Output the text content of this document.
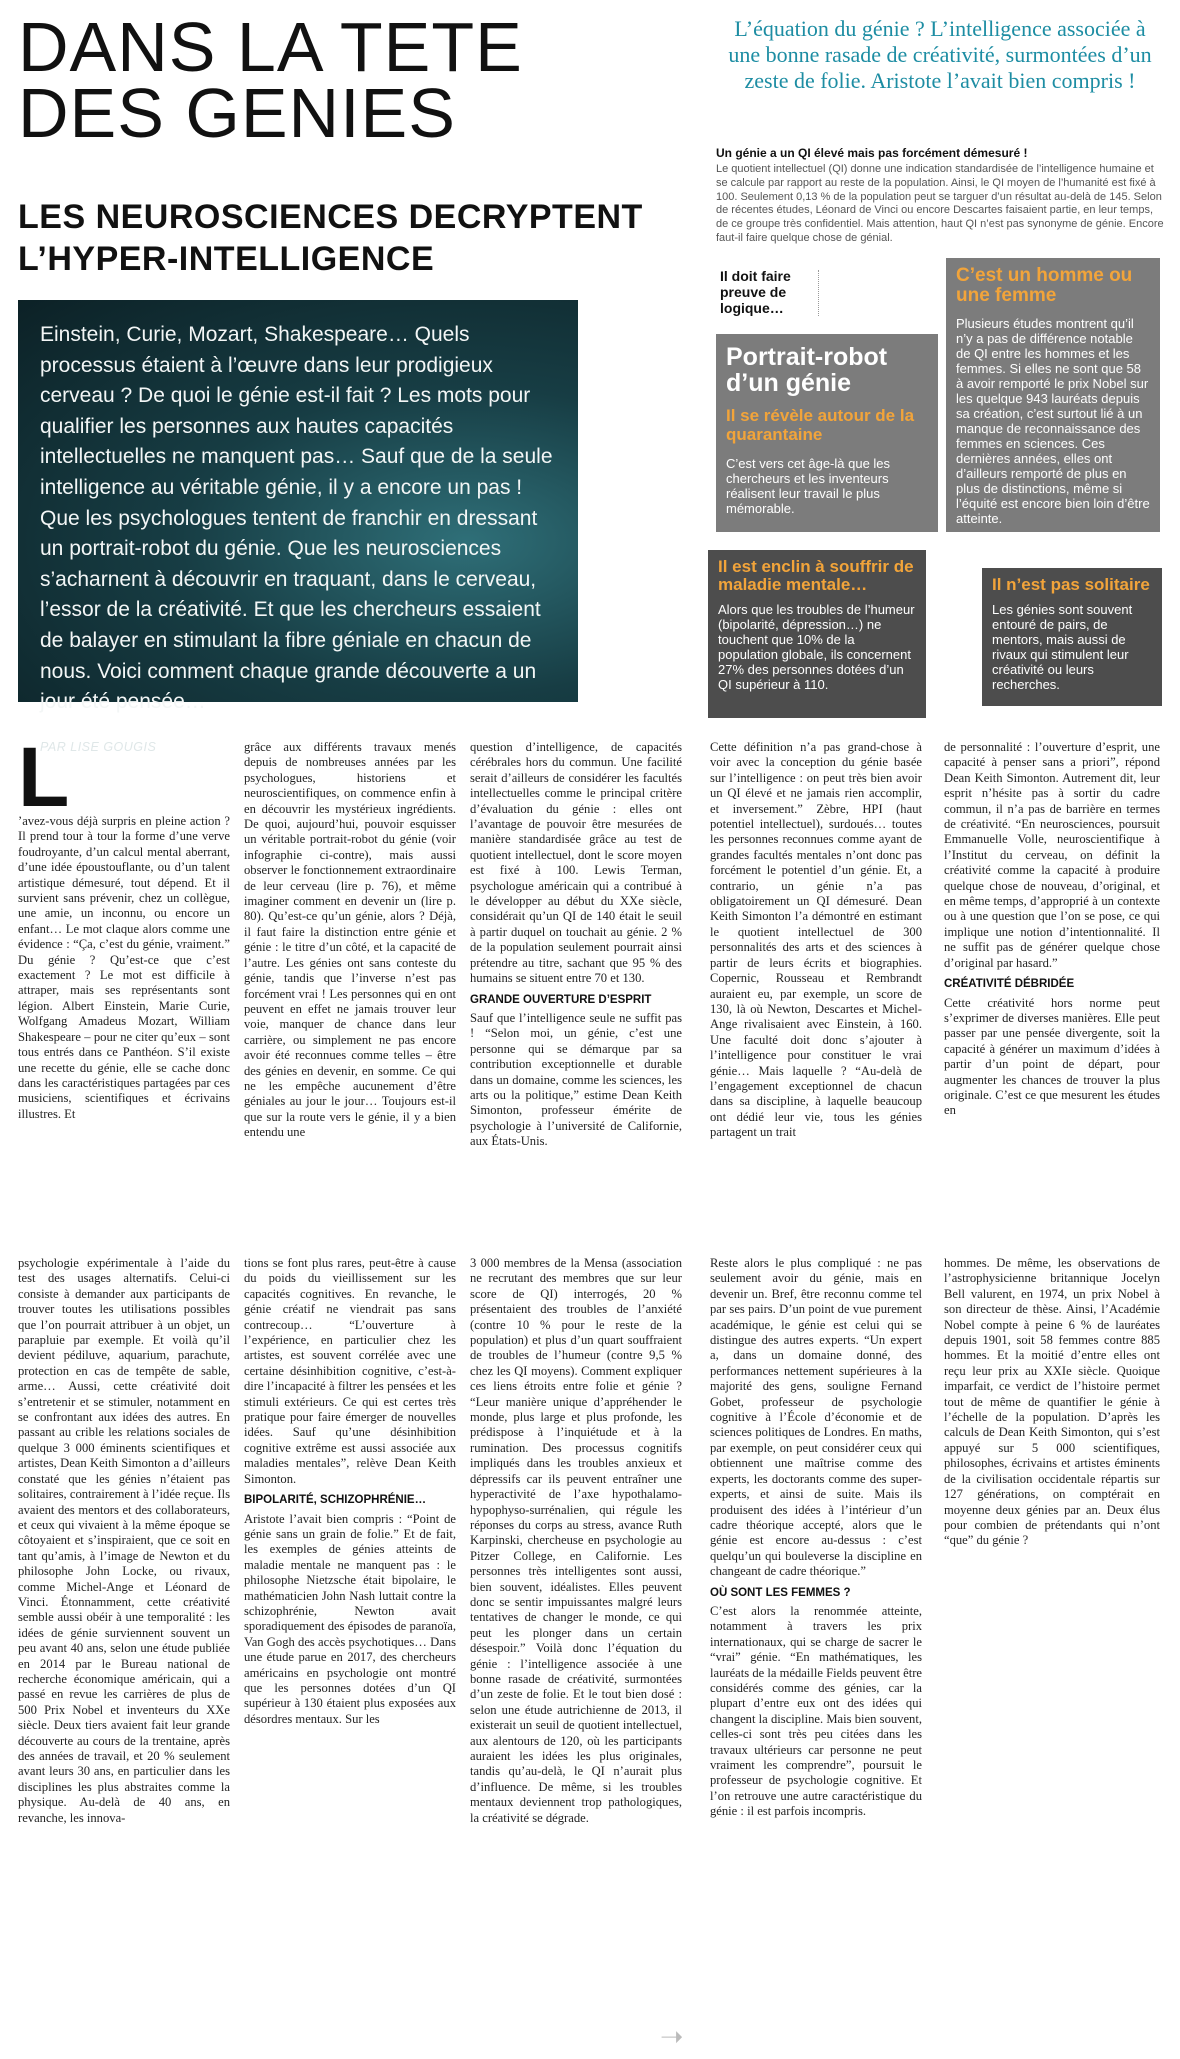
DANS LA TETE
DES GENIES
LES NEUROSCIENCES DECRYPTENT
L’HYPER-INTELLIGENCE
Einstein, Curie, Mozart, Shakespeare… Quels processus étaient à l’œuvre dans leur prodigieux cerveau ? De quoi le génie est-il fait ? Les mots pour qualifier les personnes aux hautes capacités intellectuelles ne manquent pas… Sauf que de la seule intelligence au véritable génie, il y a encore un pas ! Que les psychologues tentent de franchir en dressant un portrait-robot du génie. Que les neurosciences s’acharnent à découvrir en traquant, dans le cerveau, l’essor de la créativité. Et que les chercheurs essaient de balayer en stimulant la fibre géniale en chacun de nous. Voici comment chaque grande découverte a un jour été pensée…
PAR LISE GOUGIS
L’équation du génie ? L’intelligence associée à une bonne rasade de créativité, surmontées d’un zeste de folie. Aristote l’avait bien compris !
Un génie a un QI élevé mais pas forcément démesuré !
Le quotient intellectuel (QI) donne une indication standardisée de l’intelligence humaine et se calcule par rapport au reste de la population. Ainsi, le QI moyen de l’humanité est fixé à 100. Seulement 0,13 % de la population peut se targuer d’un résultat au-delà de 145. Selon de récentes études, Léonard de Vinci ou encore Descartes faisaient partie, en leur temps, de ce groupe très confidentiel. Mais attention, haut QI n’est pas synonyme de génie. Encore faut-il faire quelque chose de génial.
Il doit faire preuve de logique…
Portrait-robot d’un génie
Il se révèle autour de la quarantaine
C’est vers cet âge-là que les chercheurs et les inventeurs réalisent leur travail le plus mémorable.
C’est un homme ou une femme
Plusieurs études montrent qu’il n’y a pas de différence notable de QI entre les hommes et les femmes. Si elles ne sont que 58 à avoir remporté le prix Nobel sur les quelque 943 lauréats depuis sa création, c’est surtout lié à un manque de reconnaissance des femmes en sciences. Ces dernières années, elles ont d’ailleurs remporté de plus en plus de distinctions, même si l’équité est encore bien loin d’être atteinte.
Il est enclin à souffrir de maladie mentale…
Alors que les troubles de l’humeur (bipolarité, dépression…) ne touchent que 10% de la population globale, ils concernent 27% des personnes dotées d’un QI supérieur à 110.
Il n’est pas solitaire
Les génies sont souvent entouré de pairs, de mentors, mais aussi de rivaux qui stimulent leur créativité ou leurs recherches.
L

’avez-vous déjà surpris en pleine action ? Il prend tour à tour la forme d’une verve foudroyante, d’un calcul mental aberrant, d’une idée époustouflante, ou d’un talent artistique démesuré, tout dépend. Et il survient sans prévenir, chez un collègue, une amie, un inconnu, ou encore un enfant… Le mot claque alors comme une évidence : “Ça, c’est du génie, vraiment.” Du génie ? Qu’est-ce que c’est exactement ? Le mot est difficile à attraper, mais ses représentants sont légion. Albert Einstein, Marie Curie, Wolfgang Amadeus Mozart, William Shakespeare – pour ne citer qu’eux – sont tous entrés dans ce Panthéon. S’il existe une recette du génie, elle se cache donc dans les caractéristiques partagées par ces musiciens, scientifiques et écrivains illustres. Et

grâce aux différents travaux menés depuis de nombreuses années par les psychologues, historiens et neuroscientifiques, on commence enfin à en découvrir les mystérieux ingrédients. De quoi, aujourd’hui, pouvoir esquisser un véritable portrait-robot du génie (voir infographie ci-contre), mais aussi observer le fonctionnement extraordinaire de leur cerveau (lire p. 76), et même imaginer comment en devenir un (lire p. 80). Qu’est-ce qu’un génie, alors ? Déjà, il faut faire la distinction entre génie et génie : le titre d’un côté, et la capacité de l’autre. Les génies ont sans conteste du génie, tandis que l’inverse n’est pas forcément vrai ! Les personnes qui en ont peuvent en effet ne jamais trouver leur voie, manquer de chance dans leur carrière, ou simplement ne pas encore avoir été reconnues comme telles – être des génies en devenir, en somme. Ce qui ne les empêche aucunement d’être géniales au jour le jour… Toujours est-il que sur la route vers le génie, il y a bien entendu une

question d’intelligence, de capacités cérébrales hors du commun. Une facilité serait d’ailleurs de considérer les facultés intellectuelles comme le principal critère d’évaluation du génie : elles ont l’avantage de pouvoir être mesurées de manière standardisée grâce au test de quotient intellectuel, dont le score moyen est fixé à 100. Lewis Terman, psychologue américain qui a contribué à le développer au début du XXe siècle, considérait qu’un QI de 140 était le seuil à partir duquel on touchait au génie. 2 % de la population seulement pourrait ainsi prétendre au titre, sachant que 95 % des humains se situent entre 70 et 130.

GRANDE OUVERTURE D’ESPRIT

Sauf que l’intelligence seule ne suffit pas ! “Selon moi, un génie, c’est une personne qui se démarque par sa contribution exceptionnelle et durable dans un domaine, comme les sciences, les arts ou la politique,” estime Dean Keith Simonton, professeur émérite de psychologie à l’université de Californie, aux États-Unis.

Cette définition n’a pas grand-chose à voir avec la conception du génie basée sur l’intelligence : on peut très bien avoir un QI élevé et ne jamais rien accomplir, et inversement.” Zèbre, HPI (haut potentiel intellectuel), surdoués… toutes les personnes reconnues comme ayant de grandes facultés mentales n’ont donc pas forcément le potentiel d’un génie. Et, a contrario, un génie n’a pas obligatoirement un QI démesuré. Dean Keith Simonton l’a démontré en estimant le quotient intellectuel de 300 personnalités des arts et des sciences à partir de leurs écrits et biographies. Copernic, Rousseau et Rembrandt auraient eu, par exemple, un score de 130, là où Newton, Descartes et Michel-Ange rivalisaient avec Einstein, à 160. Une faculté doit donc s’ajouter à l’intelligence pour constituer le vrai génie… Mais laquelle ? “Au-delà de l’engagement exceptionnel de chacun dans sa discipline, à laquelle beaucoup ont dédié leur vie, tous les génies partagent un trait

de personnalité : l’ouverture d’esprit, une capacité à penser sans a priori”, répond Dean Keith Simonton. Autrement dit, leur esprit n’hésite pas à sortir du cadre commun, il n’a pas de barrière en termes de créativité. “En neurosciences, poursuit Emmanuelle Volle, neuroscientifique à l’Institut du cerveau, on définit la créativité comme la capacité à produire quelque chose de nouveau, d’original, et en même temps, d’approprié à un contexte ou à une question que l’on se pose, ce qui implique une notion d’intentionnalité. Il ne suffit pas de générer quelque chose d’original par hasard.”

CRÉATIVITÉ DÉBRIDÉE

Cette créativité hors norme peut s’exprimer de diverses manières. Elle peut passer par une pensée divergente, soit la capacité à générer un maximum d’idées à partir d’un point de départ, pour augmenter les chances de trouver la plus originale. C’est ce que mesurent les études en

psychologie expérimentale à l’aide du test des usages alternatifs. Celui-ci consiste à demander aux participants de trouver toutes les utilisations possibles que l’on pourrait attribuer à un objet, un parapluie par exemple. Et voilà qu’il devient pédiluve, aquarium, parachute, protection en cas de tempête de sable, arme… Aussi, cette créativité doit s’entretenir et se stimuler, notamment en se confrontant aux idées des autres. En passant au crible les relations sociales de quelque 3 000 éminents scientifiques et artistes, Dean Keith Simonton a d’ailleurs constaté que les génies n’étaient pas solitaires, contrairement à l’idée reçue. Ils avaient des mentors et des collaborateurs, et ceux qui vivaient à la même époque se côtoyaient et s’inspiraient, que ce soit en tant qu’amis, à l’image de Newton et du philosophe John Locke, ou rivaux, comme Michel-Ange et Léonard de Vinci. Étonnamment, cette créativité semble aussi obéir à une temporalité : les idées de génie surviennent souvent un peu avant 40 ans, selon une étude publiée en 2014 par le Bureau national de recherche économique américain, qui a passé en revue les carrières de plus de 500 Prix Nobel et inventeurs du XXe siècle. Deux tiers avaient fait leur grande découverte au cours de la trentaine, après des années de travail, et 20 % seulement avant leurs 30 ans, en particulier dans les disciplines les plus abstraites comme la physique. Au-delà de 40 ans, en revanche, les innova-

tions se font plus rares, peut-être à cause du poids du vieillissement sur les capacités cognitives. En revanche, le génie créatif ne viendrait pas sans contrecoup… “L’ouverture à l’expérience, en particulier chez les artistes, est souvent corrélée avec une certaine désinhibition cognitive, c’est-à-dire l’incapacité à filtrer les pensées et les stimuli extérieurs. Ce qui est certes très pratique pour faire émerger de nouvelles idées. Sauf qu’une désinhibition cognitive extrême est aussi associée aux maladies mentales”, relève Dean Keith Simonton.

BIPOLARITÉ, SCHIZOPHRÉNIE…

Aristote l’avait bien compris : “Point de génie sans un grain de folie.” Et de fait, les exemples de génies atteints de maladie mentale ne manquent pas : le philosophe Nietzsche était bipolaire, le mathématicien John Nash luttait contre la schizophrénie, Newton avait sporadiquement des épisodes de paranoïa, Van Gogh des accès psychotiques… Dans une étude parue en 2017, des chercheurs américains en psychologie ont montré que les personnes dotées d’un QI supérieur à 130 étaient plus exposées aux désordres mentaux. Sur les

3 000 membres de la Mensa (association ne recrutant des membres que sur leur score de QI) interrogés, 20 % présentaient des troubles de l’anxiété (contre 10 % pour le reste de la population) et plus d’un quart souffraient de troubles de l’humeur (contre 9,5 % chez les QI moyens). Comment expliquer ces liens étroits entre folie et génie ? “Leur manière unique d’appréhender le monde, plus large et plus profonde, les prédispose à l’inquiétude et à la rumination. Des processus cognitifs impliqués dans les troubles anxieux et dépressifs car ils peuvent entraîner une hyperactivité de l’axe hypothalamo-hypophyso-surrénalien, qui régule les réponses du corps au stress, avance Ruth Karpinski, chercheuse en psychologie au Pitzer College, en Californie. Les personnes très intelligentes sont aussi, bien souvent, idéalistes. Elles peuvent donc se sentir impuissantes malgré leurs tentatives de changer le monde, ce qui peut les plonger dans un certain désespoir.” Voilà donc l’équation du génie : l’intelligence associée à une bonne rasade de créativité, surmontées d’un zeste de folie. Et le tout bien dosé : selon une étude autrichienne de 2013, il existerait un seuil de quotient intellectuel, aux alentours de 120, où les participants auraient les idées les plus originales, tandis qu’au-delà, le QI n’aurait plus d’influence. De même, si les troubles mentaux deviennent trop pathologiques, la créativité se dégrade.

Reste alors le plus compliqué : ne pas seulement avoir du génie, mais en devenir un. Bref, être reconnu comme tel par ses pairs. D’un point de vue purement académique, le génie est celui qui se distingue des autres experts. “Un expert a, dans un domaine donné, des performances nettement supérieures à la majorité des gens, souligne Fernand Gobet, professeur de psychologie cognitive à l’École d’économie et de sciences politiques de Londres. En maths, par exemple, on peut considérer ceux qui obtiennent une maîtrise comme des experts, les doctorants comme des super-experts, et ainsi de suite. Mais ils produisent des idées à l’intérieur d’un cadre théorique accepté, alors que le génie est encore au-dessus : c’est quelqu’un qui bouleverse la discipline en changeant de cadre théorique.”

OÙ SONT LES FEMMES ?

C’est alors la renommée atteinte, notamment à travers les prix internationaux, qui se charge de sacrer le “vrai” génie. “En mathématiques, les lauréats de la médaille Fields peuvent être considérés comme des génies, car la plupart d’entre eux ont des idées qui changent la discipline. Mais bien souvent, celles-ci sont très peu citées dans les travaux ultérieurs car personne ne peut vraiment les comprendre”, poursuit le professeur de psychologie cognitive. Et l’on retrouve une autre caractéristique du génie : il est parfois incompris.

hommes. De même, les observations de l’astrophysicienne britannique Jocelyn Bell valurent, en 1974, un prix Nobel à son directeur de thèse. Ainsi, l’Académie Nobel compte à peine 6 % de lauréates depuis 1901, soit 58 femmes contre 885 hommes. Et la moitié d’entre elles ont reçu leur prix au XXIe siècle. Quoique imparfait, ce verdict de l’histoire permet tout de même de quantifier le génie à l’échelle de la population. D’après les calculs de Dean Keith Simonton, qui s’est appuyé sur 5 000 scientifiques, philosophes, écrivains et artistes éminents de la civilisation occidentale répartis sur 127 générations, on comptérait en moyenne deux génies par an. Deux élus pour combien de prétendants qui n’ont “que” du génie ?

➝
